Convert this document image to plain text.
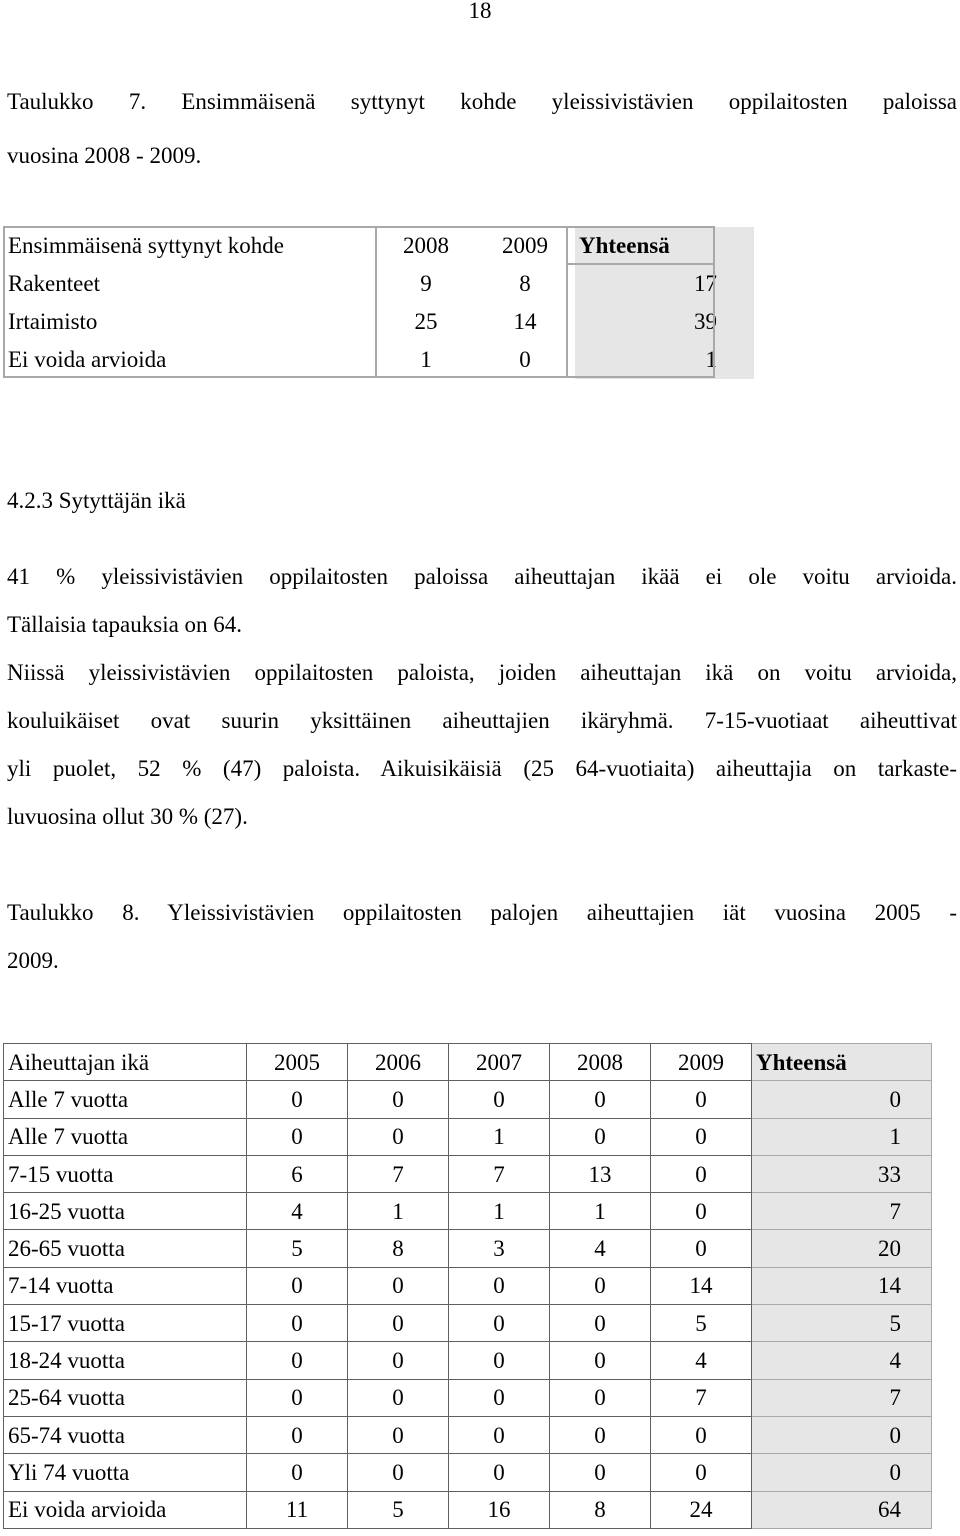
18
Taulukko 7. Ensimmäisenä syttynyt kohde yleissivistävien oppilaitosten paloissa
vuosina 2008 - 2009.
Ensimmäisenä syttynyt kohde	2008	2009	Yhteensä
Rakenteet	9	8	17
Irtaimisto	25	14	39
Ei voida arvioida	1	0	1
4.2.3 Sytyttäjän ikä
41 % yleissivistävien oppilaitosten paloissa aiheuttajan ikää ei ole voitu arvioida.
Tällaisia tapauksia on 64.
Niissä yleissivistävien oppilaitosten paloista, joiden aiheuttajan ikä on voitu arvioida,
kouluikäiset ovat suurin yksittäinen aiheuttajien ikäryhmä. 7-15-vuotiaat aiheuttivat
yli puolet, 52 % (47) paloista. Aikuisikäisiä (25 64-vuotiaita) aiheuttajia on tarkaste-
luvuosina ollut 30 % (27).
Taulukko 8. Yleissivistävien oppilaitosten palojen aiheuttajien iät vuosina 2005 -
2009.
Aiheuttajan ikä	2005	2006	2007	2008	2009	Yhteensä
Alle 7 vuotta	0	0	0	0	0	0
Alle 7 vuotta	0	0	1	0	0	1
7-15 vuotta	6	7	7	13	0	33
16-25 vuotta	4	1	1	1	0	7
26-65 vuotta	5	8	3	4	0	20
7-14 vuotta	0	0	0	0	14	14
15-17 vuotta	0	0	0	0	5	5
18-24 vuotta	0	0	0	0	4	4
25-64 vuotta	0	0	0	0	7	7
65-74 vuotta	0	0	0	0	0	0
Yli 74 vuotta	0	0	0	0	0	0
Ei voida arvioida	11	5	16	8	24	64
